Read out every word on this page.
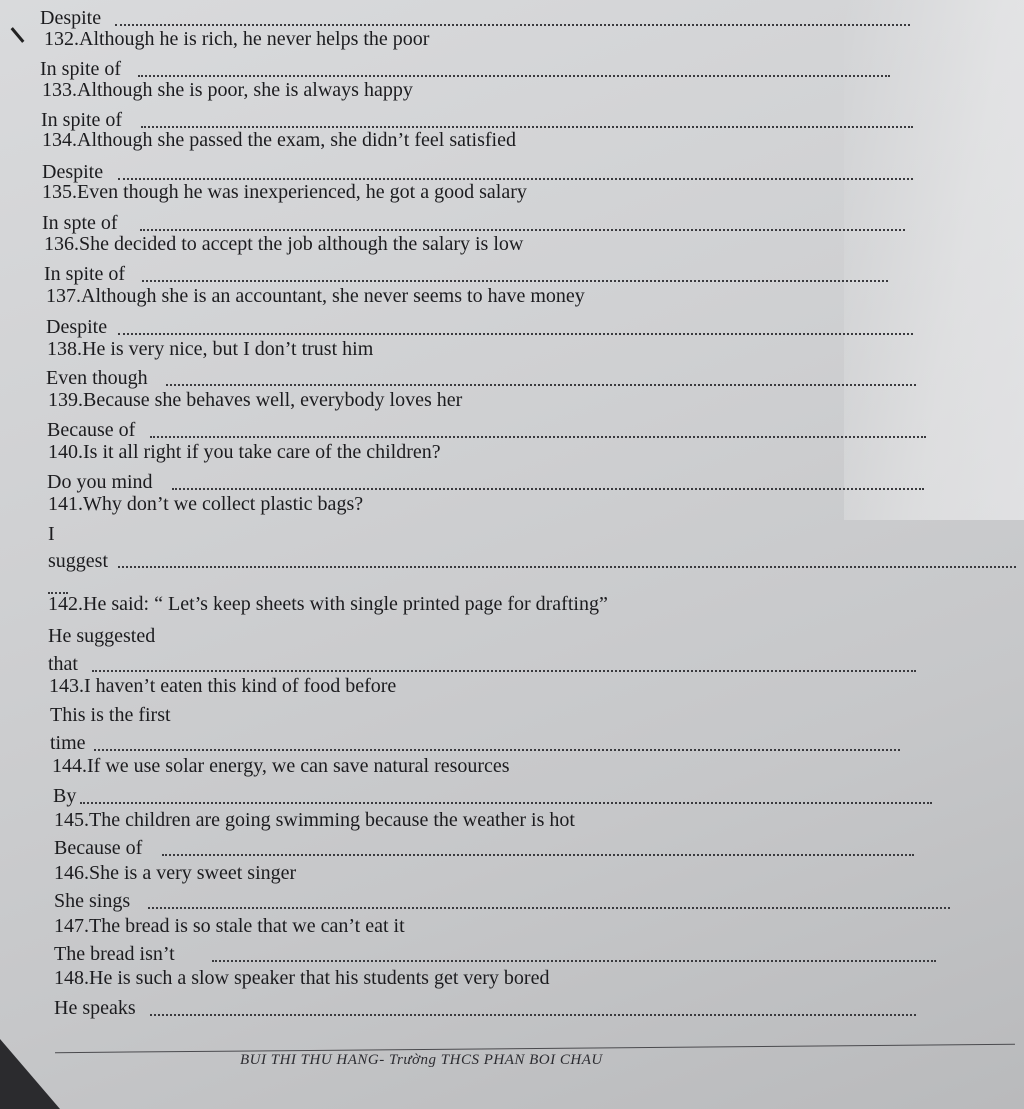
Despite
132.Although he is rich, he never helps the poor
In spite of
133.Although she is poor, she is always happy
In spite of
134.Although she passed the exam, she didn’t feel satisfied
Despite
135.Even though he was inexperienced, he got a good salary
In spte of
136.She decided to accept the job although the salary is low
In spite of
137.Although she is an accountant, she never seems to have money
Despite
138.He is very nice, but I don’t trust him
Even though
139.Because she behaves well, everybody loves her
Because of
140.Is it all right if you take care of the children?
Do you mind
141.Why don’t we collect plastic bags?
I
suggest
142.He said: “ Let’s keep sheets with single printed page for drafting”
He suggested
that
143.I haven’t eaten this kind of food before
This is the first
time
144.If we use solar energy, we can save natural resources
By
145.The children are going swimming because the weather is hot
Because of
146.She is a very sweet singer
She sings
147.The bread is so stale that we can’t eat it
The bread isn’t
148.He is such a slow speaker that his students get very bored
He speaks
BUI THI THU HANG- Trường THCS PHAN BOI CHAU
